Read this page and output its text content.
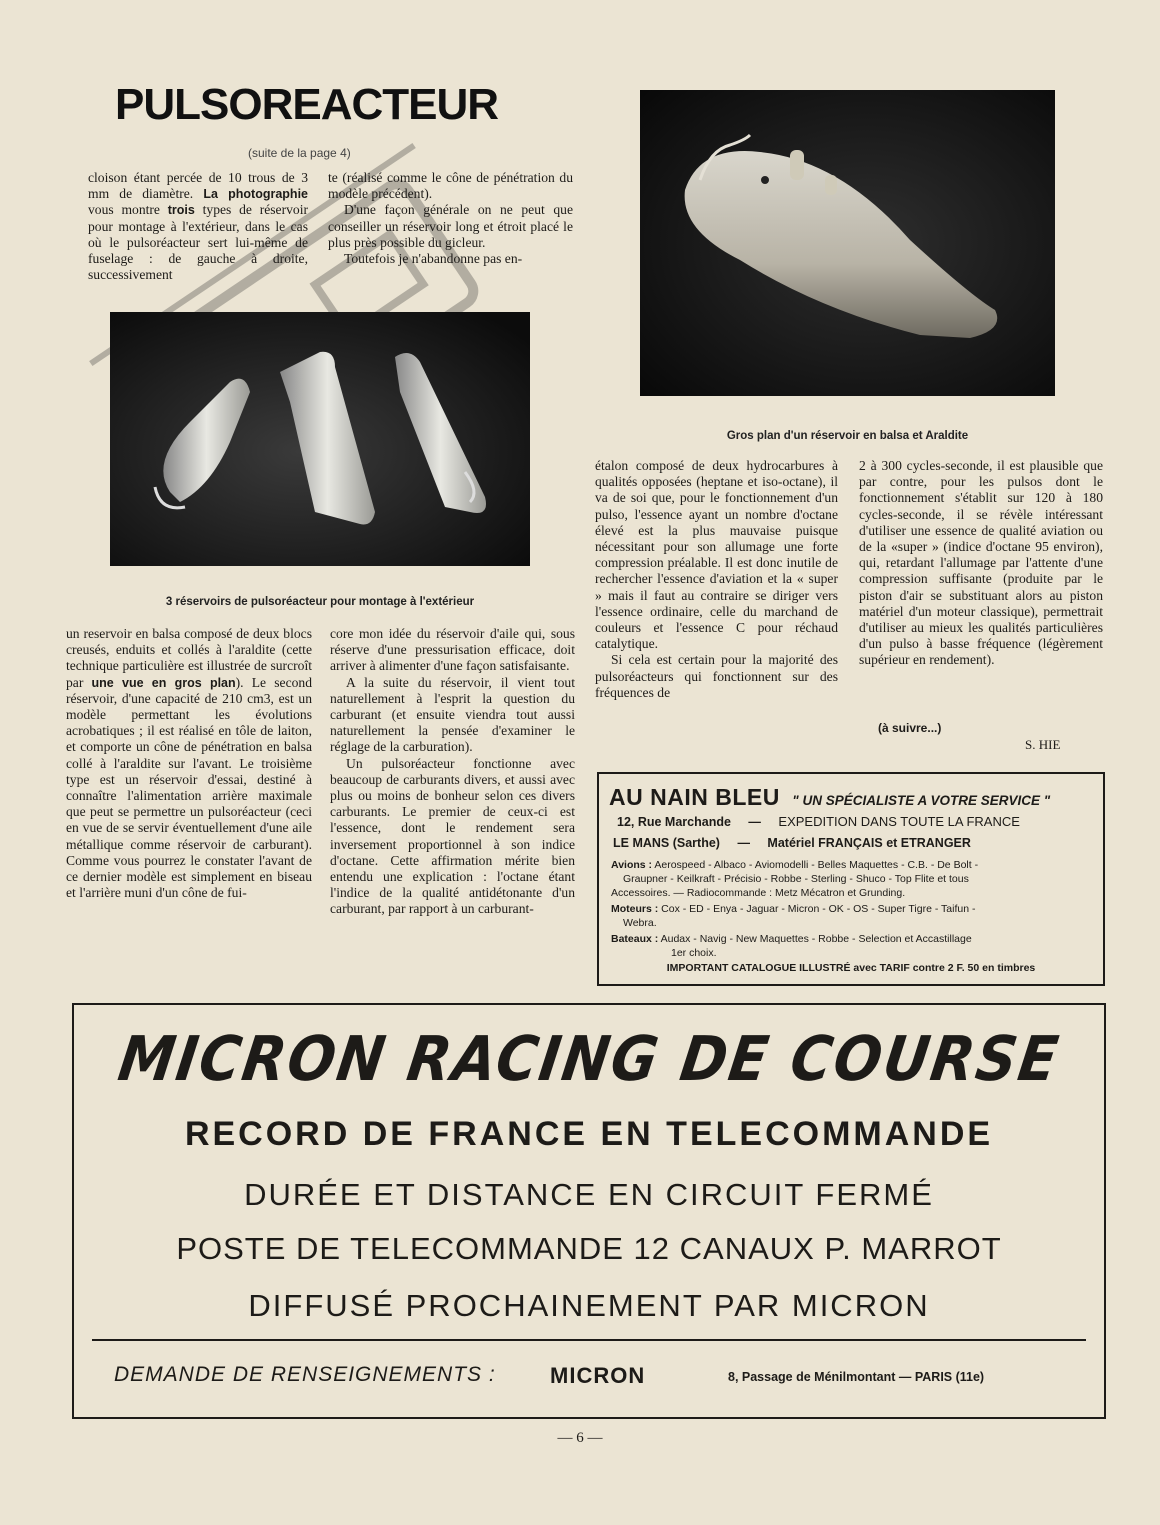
PULSOREACTEUR
(suite de la page 4)

cloison étant percée de 10 trous de 3 mm de diamètre. La photographie vous montre trois types de réservoir pour montage à l'extérieur, dans le cas où le pulsoréacteur sert lui-même de fuselage : de gauche à droite, successivement

te (réalisé comme le cône de pénétration du modèle précédent).

D'une façon générale on ne peut que conseiller un réservoir long et étroit placé le plus près possible du gicleur.

Toutefois je n'abandonne pas en-

3 réservoirs de pulsoréacteur pour montage à l'extérieur
Gros plan d'un réservoir en balsa et Araldite

un reservoir en balsa composé de deux blocs creusés, enduits et collés à l'araldite (cette technique particulière est illustrée de surcroît par une vue en gros plan). Le second réservoir, d'une capacité de 210 cm3, est un modèle permettant les évolutions acrobatiques ; il est réalisé en tôle de laiton, et comporte un cône de pénétration en balsa collé à l'araldite sur l'avant. Le troisième type est un réservoir d'essai, destiné à connaître l'alimentation arrière maximale que peut se permettre un pulsoréacteur (ceci en vue de se servir éventuellement d'une aile métallique comme réservoir de carburant). Comme vous pourrez le constater l'avant de ce dernier modèle est simplement en biseau et l'arrière muni d'un cône de fui-

core mon idée du réservoir d'aile qui, sous réserve d'une pressurisation efficace, doit arriver à alimenter d'une façon satisfaisante.

A la suite du réservoir, il vient tout naturellement à l'esprit la question du carburant (et ensuite viendra tout aussi naturellement la pensée d'examiner le réglage de la carburation).

Un pulsoréacteur fonctionne avec beaucoup de carburants divers, et aussi avec plus ou moins de bonheur selon ces divers carburants. Le premier de ceux-ci est l'essence, dont le rendement sera inversement proportionnel à son indice d'octane. Cette affirmation mérite bien entendu une explication : l'octane étant l'indice de la qualité antidétonante d'un carburant, par rapport à un carburant-

étalon composé de deux hydrocarbures à qualités opposées (heptane et iso-octane), il va de soi que, pour le fonctionnement d'un pulso, l'essence ayant un nombre d'octane élevé est la plus mauvaise puisque nécessitant pour son allumage une forte compression préalable. Il est donc inutile de rechercher l'essence d'aviation et la « super » mais il faut au contraire se diriger vers l'essence ordinaire, celle du marchand de couleurs et l'essence C pour réchaud catalytique.

Si cela est certain pour la majorité des pulsoréacteurs qui fonctionnent sur des fréquences de

2 à 300 cycles-seconde, il est plausible que par contre, pour les pulsos dont le fonctionnement s'établit sur 120 à 180 cycles-seconde, il se révèle intéressant d'utiliser une essence de qualité aviation ou de la «super » (indice d'octane 95 environ), qui, retardant l'allumage par l'attente d'une compression suffisante (produite par le piston d'air se substituant alors au piston matériel d'un moteur classique), permettrait d'utiliser au mieux les qualités particulières d'un pulso à basse fréquence (légèrement supérieur en rendement).

(à suivre...)
S. HIE
AU NAIN BLEU " UN SPÉCIALISTE A VOTRE SERVICE "
12, Rue Marchande — EXPEDITION DANS TOUTE LA FRANCE
LE MANS (Sarthe) — Matériel FRANÇAIS et ETRANGER
Avions : Aerospeed - Albaco - Aviomodelli - Belles Maquettes - C.B. - De Bolt -
Graupner - Keilkraft - Précisio - Robbe - Sterling - Shuco - Top Flite et tous
Accessoires. — Radiocommande : Metz Mécatron et Grunding.
Moteurs : Cox - ED - Enya - Jaguar - Micron - OK - OS - Super Tigre - Taifun -
Webra.
Bateaux : Audax - Navig - New Maquettes - Robbe - Selection et Accastillage
1er choix.
IMPORTANT CATALOGUE ILLUSTRÉ avec TARIF contre 2 F. 50 en timbres
MICRON RACING DE COURSE
RECORD DE FRANCE EN TELECOMMANDE
DURÉE ET DISTANCE EN CIRCUIT FERMÉ
POSTE DE TELECOMMANDE 12 CANAUX P. MARROT
DIFFUSÉ PROCHAINEMENT PAR MICRON
DEMANDE DE RENSEIGNEMENTS : MICRON	8, Passage de Ménilmontant — PARIS (11e)
— 6 —
